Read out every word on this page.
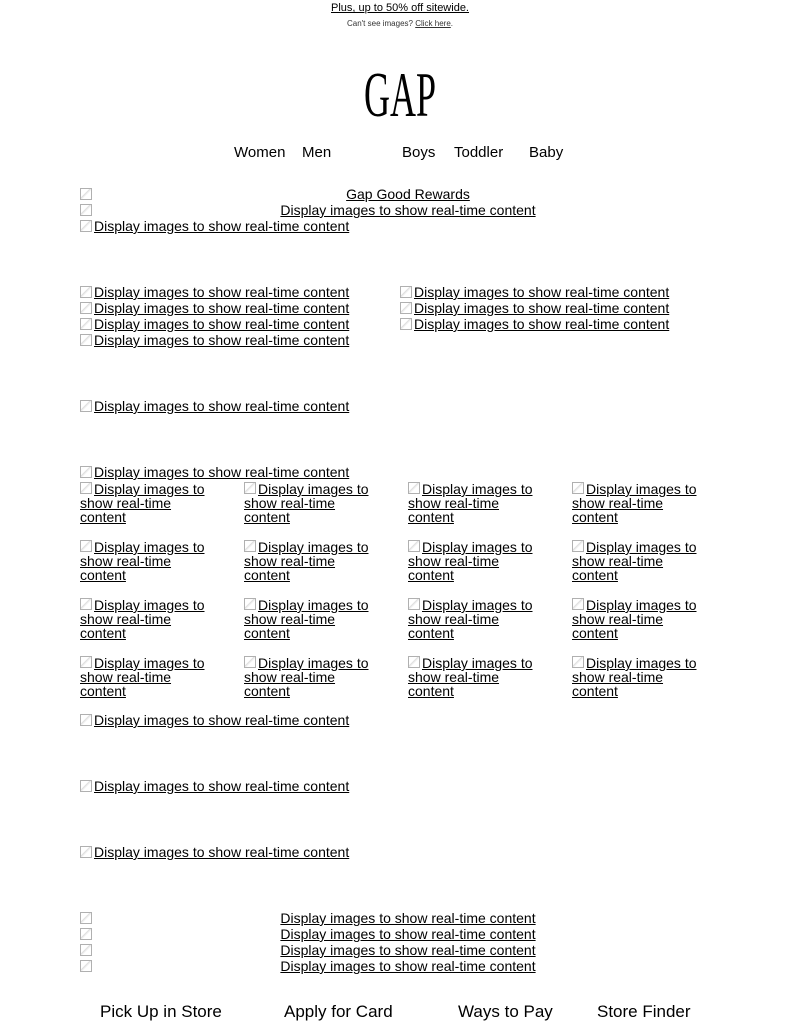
Plus, up to 50% off sitewide.
Can't see images? Click here.
GAP
Women Men	Boys Toddler Baby
Gap Good Rewards
Display images to show real-time content
Display images to show real-time content
Display images to show real-time content
Display images to show real-time content
Display images to show real-time content
Display images to show real-time content
Display images to show real-time content
Display images to show real-time content
Display images to show real-time content
Display images to show real-time content
Display images to show real-time content
Display images to show real-time content
Display images to show real-time content
Display images to show real-time content
Display images to show real-time content
Display images to show real-time content
Display images to show real-time content
Display images to show real-time content
Display images to show real-time content
Display images to show real-time content
Display images to show real-time content
Display images to show real-time content
Display images to show real-time content
Display images to show real-time content
Display images to show real-time content
Display images to show real-time content
Display images to show real-time content
Display images to show real-time content
Display images to show real-time content
Display images to show real-time content
Display images to show real-time content
Display images to show real-time content
Display images to show real-time content
Display images to show real-time content
Pick Up in Store	Apply for Card	Ways to Pay	Store Finder
